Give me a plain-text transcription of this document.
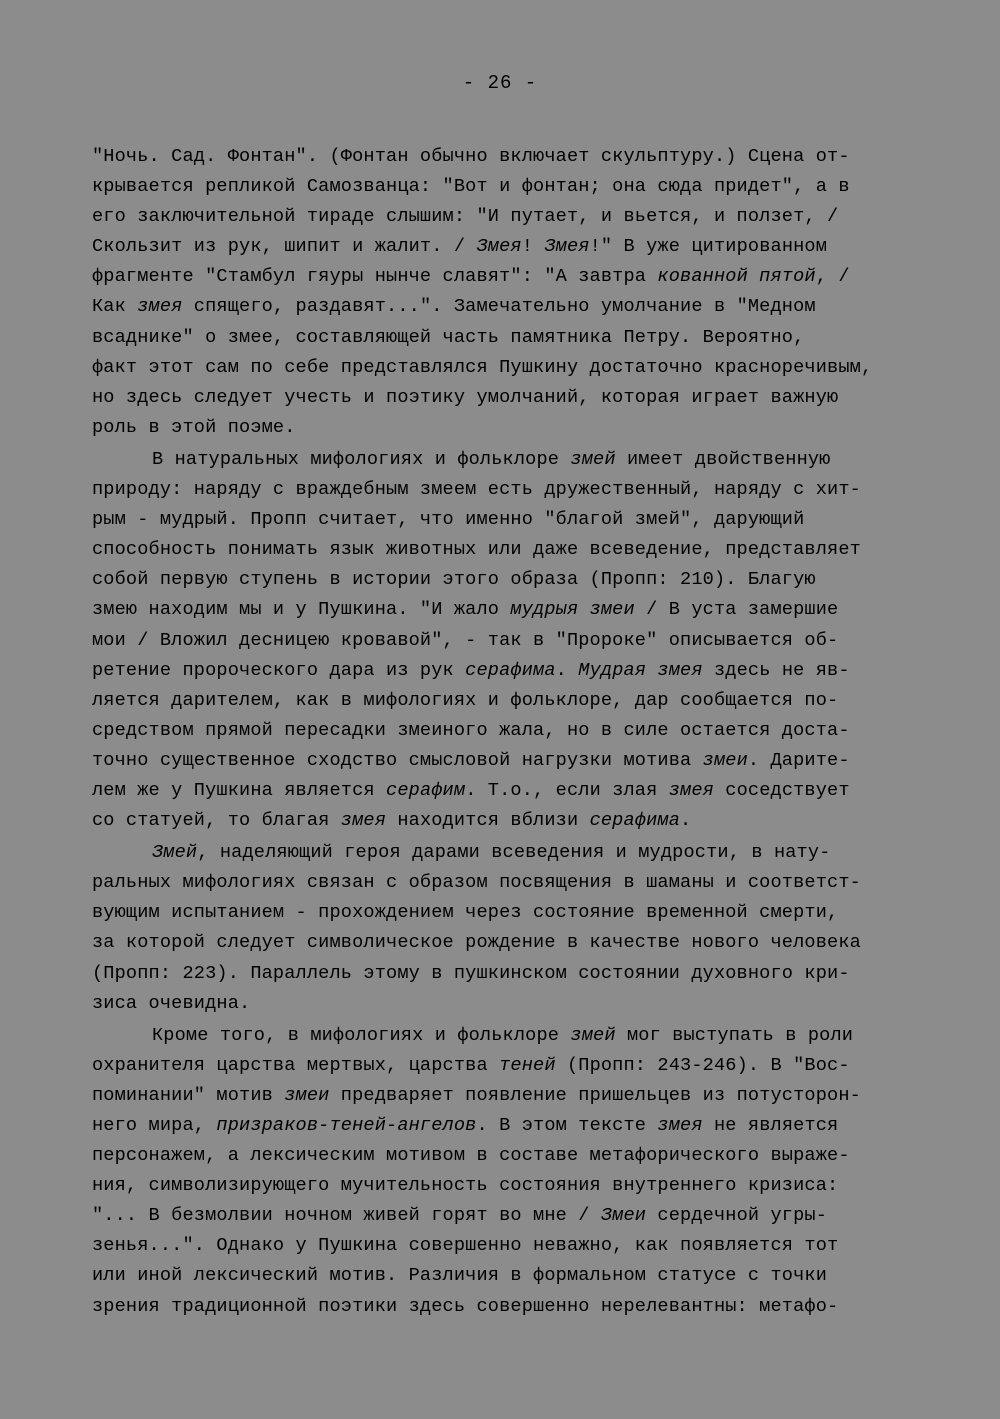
- 26 -
"Ночь. Сад. Фонтан". (Фонтан обычно включает скульптуру.) Сцена от-
крывается репликой Самозванца: "Вот и фонтан; она сюда придет", а в
его заключительной тираде слышим: "И путает, и вьется, и ползет, /
Скользит из рук, шипит и жалит. / Змея! Змея!" В уже цитированном
фрагменте "Стамбул гяуры нынче славят": "А завтра кованной пятой, /
Как змея спящего, раздавят...". Замечательно умолчание в "Медном
всаднике" о змее, составляющей часть памятника Петру. Вероятно,
факт этот сам по себе представлялся Пушкину достаточно красноречивым,
но здесь следует учесть и поэтику умолчаний, которая играет важную
роль в этой поэме.
В натуральных мифологиях и фольклоре змей имеет двойственную
природу: наряду с враждебным змеем есть дружественный, наряду с хит-
рым - мудрый. Пропп считает, что именно "благой змей", дарующий
способность понимать язык животных или даже всеведение, представляет
собой первую ступень в истории этого образа (Пропп: 210). Благую
змею находим мы и у Пушкина. "И жало мудрыя змеи / В уста замершие
мои / Вложил десницею кровавой", - так в "Пророке" описывается об-
ретение пророческого дара из рук серафима. Мудрая змея здесь не яв-
ляется дарителем, как в мифологиях и фольклоре, дар сообщается по-
средством прямой пересадки змеиного жала, но в силе остается доста-
точно существенное сходство смысловой нагрузки мотива змеи. Дарите-
лем же у Пушкина является серафим. Т.о., если злая змея соседствует
со статуей, то благая змея находится вблизи серафима.
Змей, наделяющий героя дарами всеведения и мудрости, в нату-
ральных мифологиях связан с образом посвящения в шаманы и соответст-
вующим испытанием - прохождением через состояние временной смерти,
за которой следует символическое рождение в качестве нового человека
(Пропп: 223). Параллель этому в пушкинском состоянии духовного кри-
зиса очевидна.
Кроме того, в мифологиях и фольклоре змей мог выступать в роли
охранителя царства мертвых, царства теней (Пропп: 243-246). В "Вос-
поминании" мотив змеи предваряет появление пришельцев из потусторон-
него мира, призраков-теней-ангелов. В этом тексте змея не является
персонажем, а лексическим мотивом в составе метафорического выраже-
ния, символизирующего мучительность состояния внутреннего кризиса:
"... В безмолвии ночном живей горят во мне / Змеи сердечной угры-
зенья...". Однако у Пушкина совершенно неважно, как появляется тот
или иной лексический мотив. Различия в формальном статусе с точки
зрения традиционной поэтики здесь совершенно нерелевантны: метафо-
